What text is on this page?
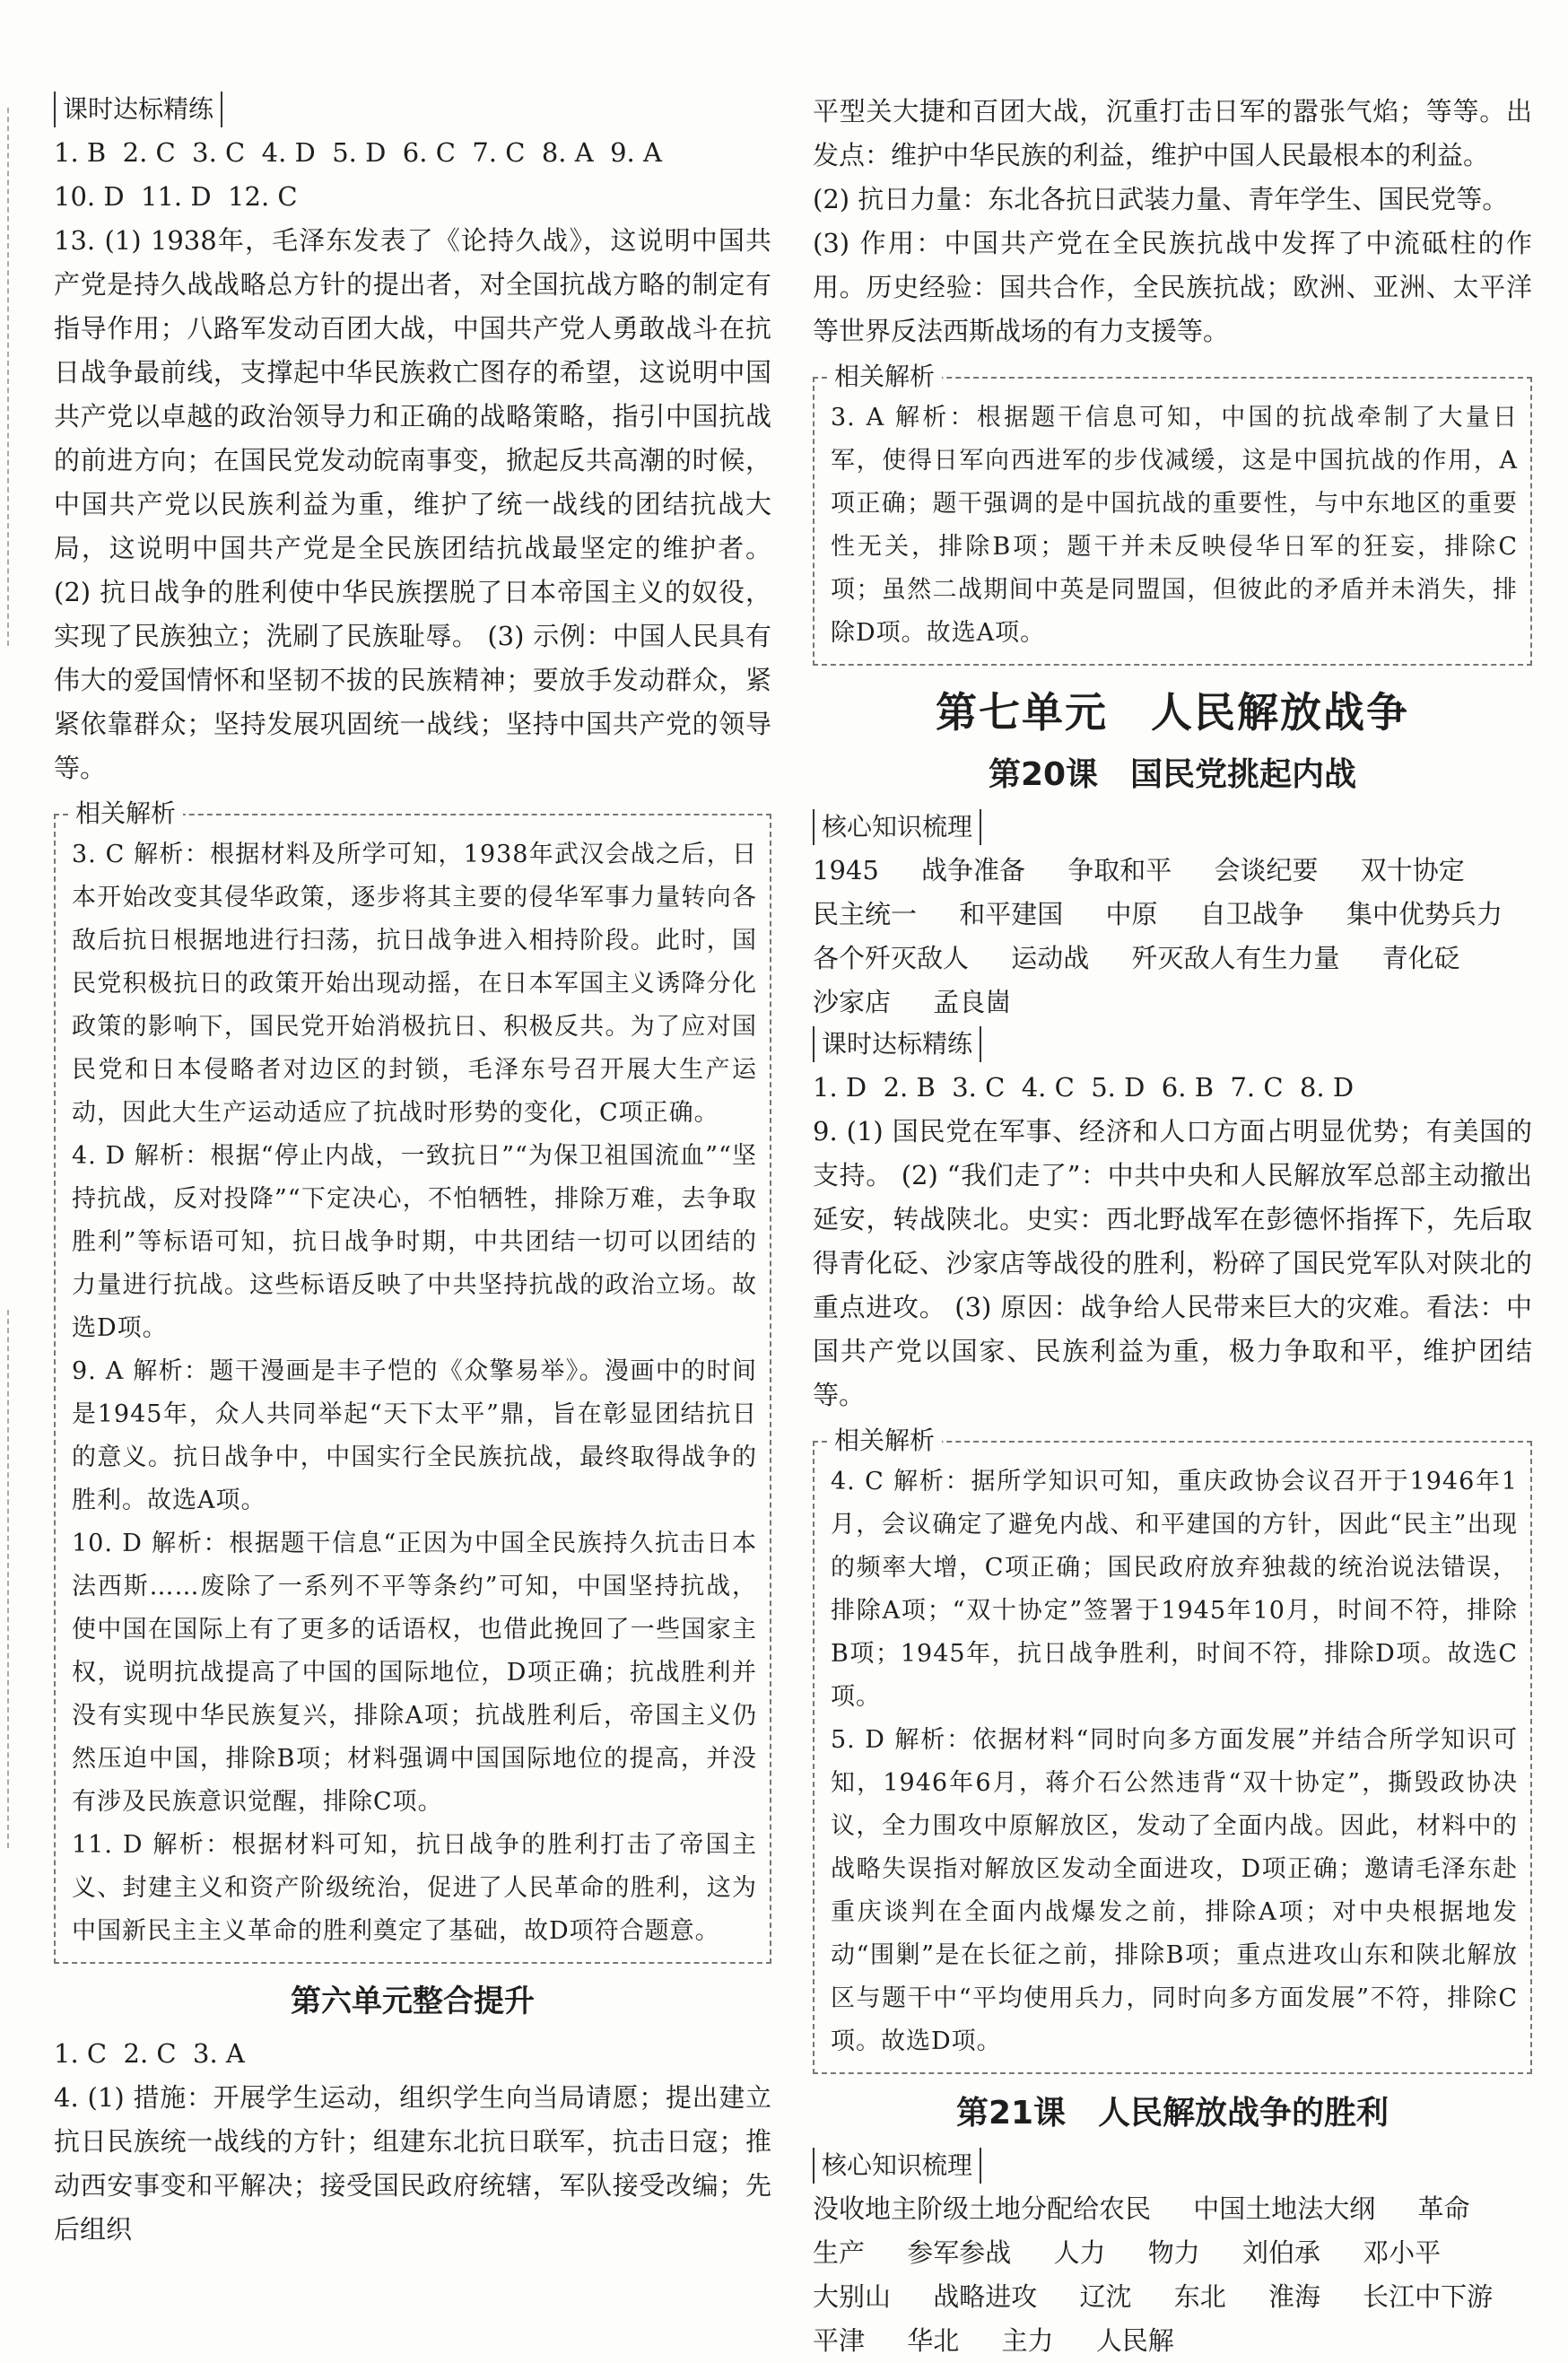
课时达标精练
1. B  2. C  3. C  4. D  5. D  6. C  7. C  8. A  9. A
10. D  11. D  12. C

13. (1) 1938年，毛泽东发表了《论持久战》，这说明中国共产党是持久战战略总方针的提出者，对全国抗战方略的制定有指导作用；八路军发动百团大战，中国共产党人勇敢战斗在抗日战争最前线，支撑起中华民族救亡图存的希望，这说明中国共产党以卓越的政治领导力和正确的战略策略，指引中国抗战的前进方向；在国民党发动皖南事变，掀起反共高潮的时候，中国共产党以民族利益为重，维护了统一战线的团结抗战大局，这说明中国共产党是全民族团结抗战最坚定的维护者。 (2) 抗日战争的胜利使中华民族摆脱了日本帝国主义的奴役，实现了民族独立；洗刷了民族耻辱。 (3) 示例：中国人民具有伟大的爱国情怀和坚韧不拔的民族精神；要放手发动群众，紧紧依靠群众；坚持发展巩固统一战线；坚持中国共产党的领导等。

相关解析

3. C 解析：根据材料及所学可知，1938年武汉会战之后，日本开始改变其侵华政策，逐步将其主要的侵华军事力量转向各敌后抗日根据地进行扫荡，抗日战争进入相持阶段。此时，国民党积极抗日的政策开始出现动摇，在日本军国主义诱降分化政策的影响下，国民党开始消极抗日、积极反共。为了应对国民党和日本侵略者对边区的封锁，毛泽东号召开展大生产运动，因此大生产运动适应了抗战时形势的变化，C项正确。

4. D 解析：根据“停止内战，一致抗日”“为保卫祖国流血”“坚持抗战，反对投降”“下定决心，不怕牺牲，排除万难，去争取胜利”等标语可知，抗日战争时期，中共团结一切可以团结的力量进行抗战。这些标语反映了中共坚持抗战的政治立场。故选D项。

9. A 解析：题干漫画是丰子恺的《众擎易举》。漫画中的时间是1945年，众人共同举起“天下太平”鼎，旨在彰显团结抗日的意义。抗日战争中，中国实行全民族抗战，最终取得战争的胜利。故选A项。

10. D 解析：根据题干信息“正因为中国全民族持久抗击日本法西斯……废除了一系列不平等条约”可知，中国坚持抗战，使中国在国际上有了更多的话语权，也借此挽回了一些国家主权，说明抗战提高了中国的国际地位，D项正确；抗战胜利并没有实现中华民族复兴，排除A项；抗战胜利后，帝国主义仍然压迫中国，排除B项；材料强调中国国际地位的提高，并没有涉及民族意识觉醒，排除C项。

11. D 解析：根据材料可知，抗日战争的胜利打击了帝国主义、封建主义和资产阶级统治，促进了人民革命的胜利，这为中国新民主主义革命的胜利奠定了基础，故D项符合题意。

第六单元整合提升
1. C  2. C  3. A

4. (1) 措施：开展学生运动，组织学生向当局请愿；提出建立抗日民族统一战线的方针；组建东北抗日联军，抗击日寇；推动西安事变和平解决；接受国民政府统辖，军队接受改编；先后组织

平型关大捷和百团大战，沉重打击日军的嚣张气焰；等等。出发点：维护中华民族的利益，维护中国人民最根本的利益。

(2) 抗日力量：东北各抗日武装力量、青年学生、国民党等。

(3) 作用：中国共产党在全民族抗战中发挥了中流砥柱的作用。历史经验：国共合作，全民族抗战；欧洲、亚洲、太平洋等世界反法西斯战场的有力支援等。

相关解析

3. A 解析：根据题干信息可知，中国的抗战牵制了大量日军，使得日军向西进军的步伐减缓，这是中国抗战的作用，A项正确；题干强调的是中国抗战的重要性，与中东地区的重要性无关，排除B项；题干并未反映侵华日军的狂妄，排除C项；虽然二战期间中英是同盟国，但彼此的矛盾并未消失，排除D项。故选A项。

第七单元　人民解放战争
第20课　国民党挑起内战
核心知识梳理

1945 战争准备 争取和平 会谈纪要 双十协定 民主统一 和平建国 中原 自卫战争 集中优势兵力 各个歼灭敌人 运动战 歼灭敌人有生力量 青化砭 沙家店 孟良崮

课时达标精练
1. D  2. B  3. C  4. C  5. D  6. B  7. C  8. D

9. (1) 国民党在军事、经济和人口方面占明显优势；有美国的支持。 (2) “我们走了”：中共中央和人民解放军总部主动撤出延安，转战陕北。史实：西北野战军在彭德怀指挥下，先后取得青化砭、沙家店等战役的胜利，粉碎了国民党军队对陕北的重点进攻。 (3) 原因：战争给人民带来巨大的灾难。看法：中国共产党以国家、民族利益为重，极力争取和平，维护团结等。

相关解析

4. C 解析：据所学知识可知，重庆政协会议召开于1946年1月，会议确定了避免内战、和平建国的方针，因此“民主”出现的频率大增，C项正确；国民政府放弃独裁的统治说法错误，排除A项；“双十协定”签署于1945年10月，时间不符，排除B项；1945年，抗日战争胜利，时间不符，排除D项。故选C项。

5. D 解析：依据材料“同时向多方面发展”并结合所学知识可知，1946年6月，蒋介石公然违背“双十协定”，撕毁政协决议，全力围攻中原解放区，发动了全面内战。因此，材料中的战略失误指对解放区发动全面进攻，D项正确；邀请毛泽东赴重庆谈判在全面内战爆发之前，排除A项；对中央根据地发动“围剿”是在长征之前，排除B项；重点进攻山东和陕北解放区与题干中“平均使用兵力，同时向多方面发展”不符，排除C项。故选D项。

第21课　人民解放战争的胜利
核心知识梳理

没收地主阶级土地分配给农民 中国土地法大纲 革命 生产 参军参战 人力 物力 刘伯承 邓小平 大别山 战略进攻 辽沈 东北 淮海 长江中下游 平津 华北 主力 人民解
